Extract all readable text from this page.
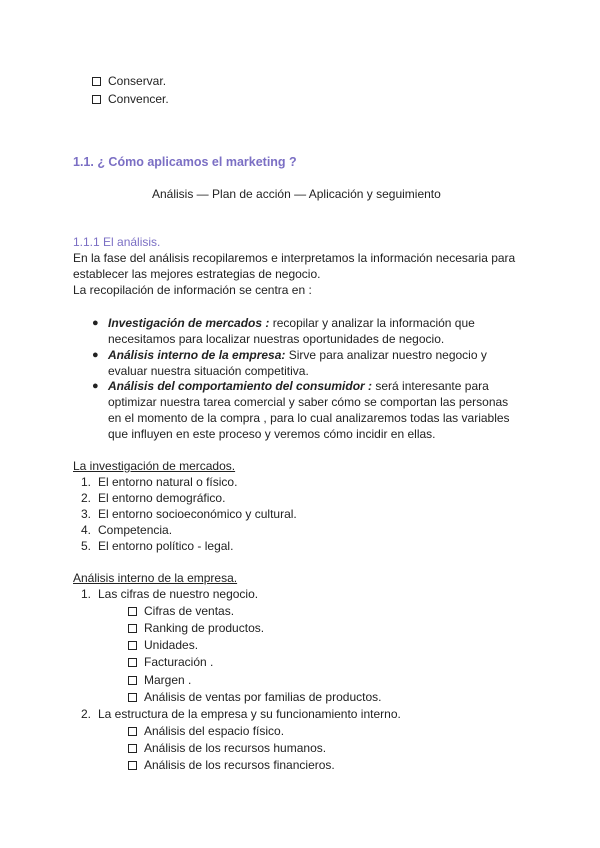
Conservar.
Convencer.
1.1. ¿ Cómo aplicamos el marketing ?
Análisis — Plan de acción — Aplicación y seguimiento
1.1.1 El análisis.
En la fase del análisis recopilaremos e interpretamos la información necesaria para
establecer las mejores estrategias de negocio.
La recopilación de información se centra en :
● Investigación de mercados : recopilar y analizar la información que
necesitamos para localizar nuestras oportunidades de negocio.
● Análisis interno de la empresa: Sirve para analizar nuestro negocio y
evaluar nuestra situación competitiva.
● Análisis del comportamiento del consumidor : será interesante para
optimizar nuestra tarea comercial y saber cómo se comportan las personas
en el momento de la compra , para lo cual analizaremos todas las variables
que influyen en este proceso y veremos cómo incidir en ellas.
La investigación de mercados.
1. El entorno natural o físico.
2. El entorno demográfico.
3. El entorno socioeconómico y cultural.
4. Competencia.
5. El entorno político - legal.
Análisis interno de la empresa.
1. Las cifras de nuestro negocio.
Cifras de ventas.
Ranking de productos.
Unidades.
Facturación .
Margen .
Análisis de ventas por familias de productos.
2. La estructura de la empresa y su funcionamiento interno.
Análisis del espacio físico.
Análisis de los recursos humanos.
Análisis de los recursos financieros.
